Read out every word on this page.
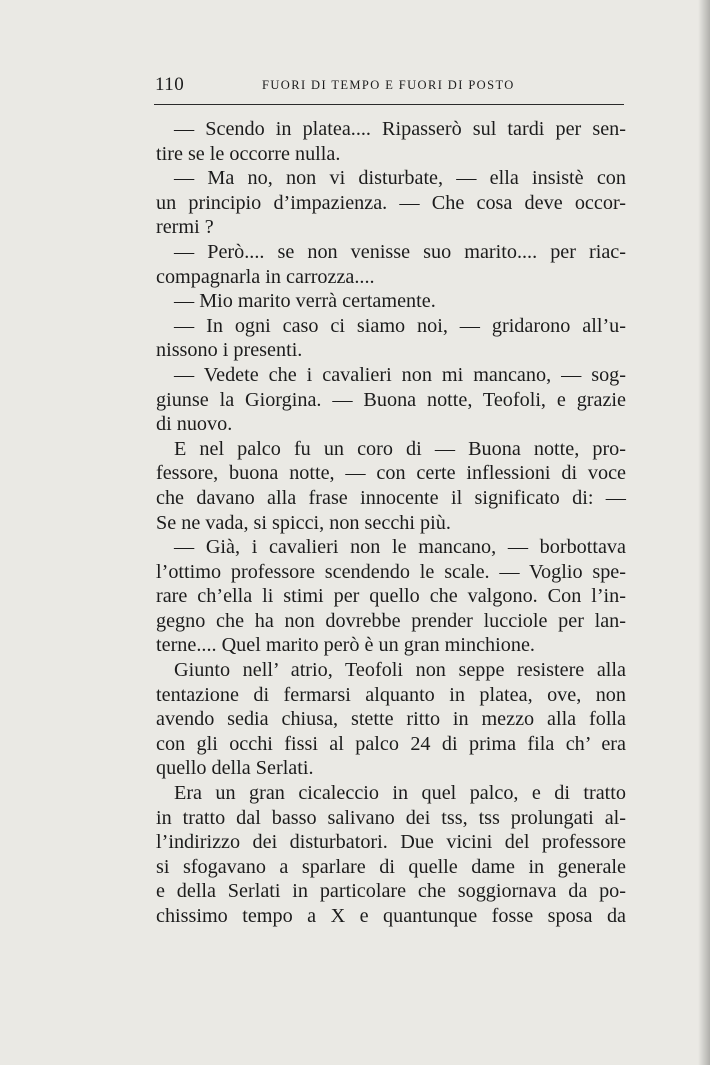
110	FUORI DI TEMPO E FUORI DI POSTO
— Scendo in platea.... Ripasserò sul tardi per sen-
tire se le occorre nulla.
— Ma no, non vi disturbate, — ella insistè con
un principio d’impazienza. — Che cosa deve occor-
rermi ?
— Però.... se non venisse suo marito.... per riac-
compagnarla in carrozza....
— Mio marito verrà certamente.
— In ogni caso ci siamo noi, — gridarono all’u-
nissono i presenti.
— Vedete che i cavalieri non mi mancano, — sog-
giunse la Giorgina. — Buona notte, Teofoli, e grazie
di nuovo.
E nel palco fu un coro di — Buona notte, pro-
fessore, buona notte, — con certe inflessioni di voce
che davano alla frase innocente il significato di: —
Se ne vada, si spicci, non secchi più.
— Già, i cavalieri non le mancano, — borbottava
l’ottimo professore scendendo le scale. — Voglio spe-
rare ch’ella li stimi per quello che valgono. Con l’in-
gegno che ha non dovrebbe prender lucciole per lan-
terne.... Quel marito però è un gran minchione.
Giunto nell’ atrio, Teofoli non seppe resistere alla
tentazione di fermarsi alquanto in platea, ove, non
avendo sedia chiusa, stette ritto in mezzo alla folla
con gli occhi fissi al palco 24 di prima fila ch’ era
quello della Serlati.
Era un gran cicaleccio in quel palco, e di tratto
in tratto dal basso salivano dei tss, tss prolungati al-
l’indirizzo dei disturbatori. Due vicini del professore
si sfogavano a sparlare di quelle dame in generale
e della Serlati in particolare che soggiornava da po-
chissimo tempo a X e quantunque fosse sposa da
